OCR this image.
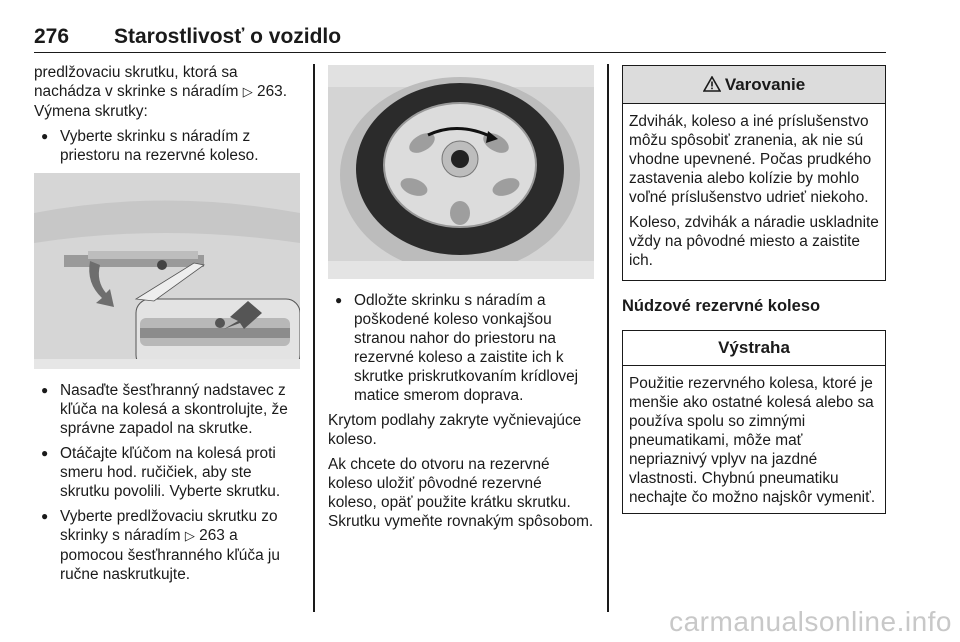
276 Starostlivosť o vozidlo

predlžovaciu skrutku, ktorá sa nachádza v skrinke s náradím ▷ 263.
Výmena skrutky:

● Vyberte skrinku s náradím z priestoru na rezervné koleso.
● Nasaďte šesťhranný nadstavec z kľúča na kolesá a skontrolujte, že správne zapadol na skrutke.
● Otáčajte kľúčom na kolesá proti smeru hod. ručičiek, aby ste skrutku povolili. Vyberte skrutku.
● Vyberte predlžovaciu skrutku zo skrinky s náradím ▷ 263 a pomocou šesťhranného kľúča ju ručne naskrutkujte.
● Odložte skrinku s náradím a poškodené koleso vonkajšou stranou nahor do priestoru na rezervné koleso a zaistite ich k skrutke priskrutkovaním krídlovej matice smerom doprava.

Krytom podlahy zakryte vyčnievajúce koleso.

Ak chcete do otvoru na rezervné koleso uložiť pôvodné rezervné koleso, opäť použite krátku skrutku. Skrutku vymeňte rovnakým spôsobom.

Varovanie

Zdvihák, koleso a iné príslušenstvo môžu spôsobiť zranenia, ak nie sú vhodne upevnené. Počas prudkého zastavenia alebo kolízie by mohlo voľné príslušenstvo udrieť niekoho.

Koleso, zdvihák a náradie uskladnite vždy na pôvodné miesto a zaistite ich.

Núdzové rezervné koleso
Výstraha

Použitie rezervného kolesa, ktoré je menšie ako ostatné kolesá alebo sa používa spolu so zimnými pneumatikami, môže mať nepriaznivý vplyv na jazdné vlastnosti. Chybnú pneumatiku nechajte čo možno najskôr vymeniť.

carmanualsonline.info
